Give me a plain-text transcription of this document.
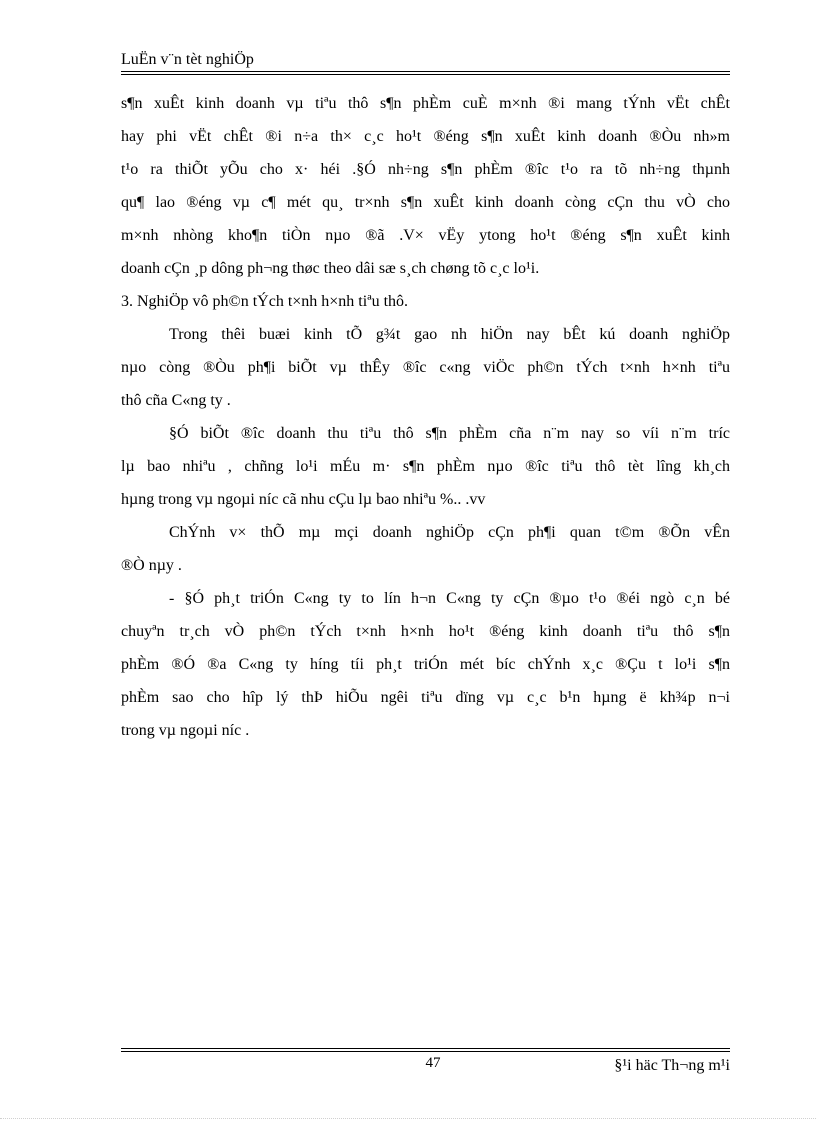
LuËn v¨n tèt nghiÖp
s¶n xuÊt kinh doanh vµ tiªu thô s¶n phÈm cuÈ m×nh ®i mang tÝnh vËt chÊt
hay phi vËt chÊt ®i n÷a th× c¸c ho¹t ®éng s¶n xuÊt kinh doanh ®Òu nh»m
t¹o ra thiÕt yÕu cho x· héi .§Ó nh÷ng s¶n phÈm ®îc t¹o ra tõ nh÷ng thµnh
qu¶ lao ®éng vµ c¶ mét qu¸ tr×nh s¶n xuÊt kinh doanh còng cÇn thu vÒ cho
m×nh nhòng kho¶n tiÒn nµo ®ã .V× vËy ytong ho¹t ®éng s¶n xuÊt kinh
doanh cÇn ¸p dông ph¬ng thøc theo dâi sæ s¸ch chøng tõ c¸c lo¹i.
3. NghiÖp vô ph©n tÝch t×nh h×nh tiªu thô.
Trong thêi buæi kinh tÕ g¾t gao nh hiÖn nay bÊt kú doanh nghiÖp
nµo còng ®Òu ph¶i biÕt vµ thÊy ®îc c«ng viÖc ph©n tÝch t×nh h×nh tiªu
thô cña C«ng ty .
§Ó biÕt ®îc doanh thu tiªu thô s¶n phÈm cña n¨m nay so víi n¨m tríc
lµ bao nhiªu , chñng lo¹i mÉu m· s¶n phÈm nµo ®îc tiªu thô tèt lîng kh¸ch
hµng trong vµ ngoµi níc cã nhu cÇu lµ bao nhiªu %.. .vv
ChÝnh v× thÕ mµ mçi doanh nghiÖp cÇn ph¶i quan t©m ®Õn vÊn
®Ò nµy .
- §Ó ph¸t triÓn C«ng ty to lín h¬n C«ng ty cÇn ®µo t¹o ®éi ngò c¸n bé
chuyªn tr¸ch vÒ ph©n tÝch t×nh h×nh ho¹t ®éng kinh doanh tiªu thô s¶n
phÈm ®Ó ®a C«ng ty híng tíi ph¸t triÓn mét bíc chÝnh x¸c ®Çu t lo¹i s¶n
phÈm sao cho hîp lý thÞ hiÕu ngêi tiªu dïng vµ c¸c b¹n hµng ë kh¾p n¬i
trong vµ ngoµi níc .
47	§¹i häc Th¬ng m¹i
